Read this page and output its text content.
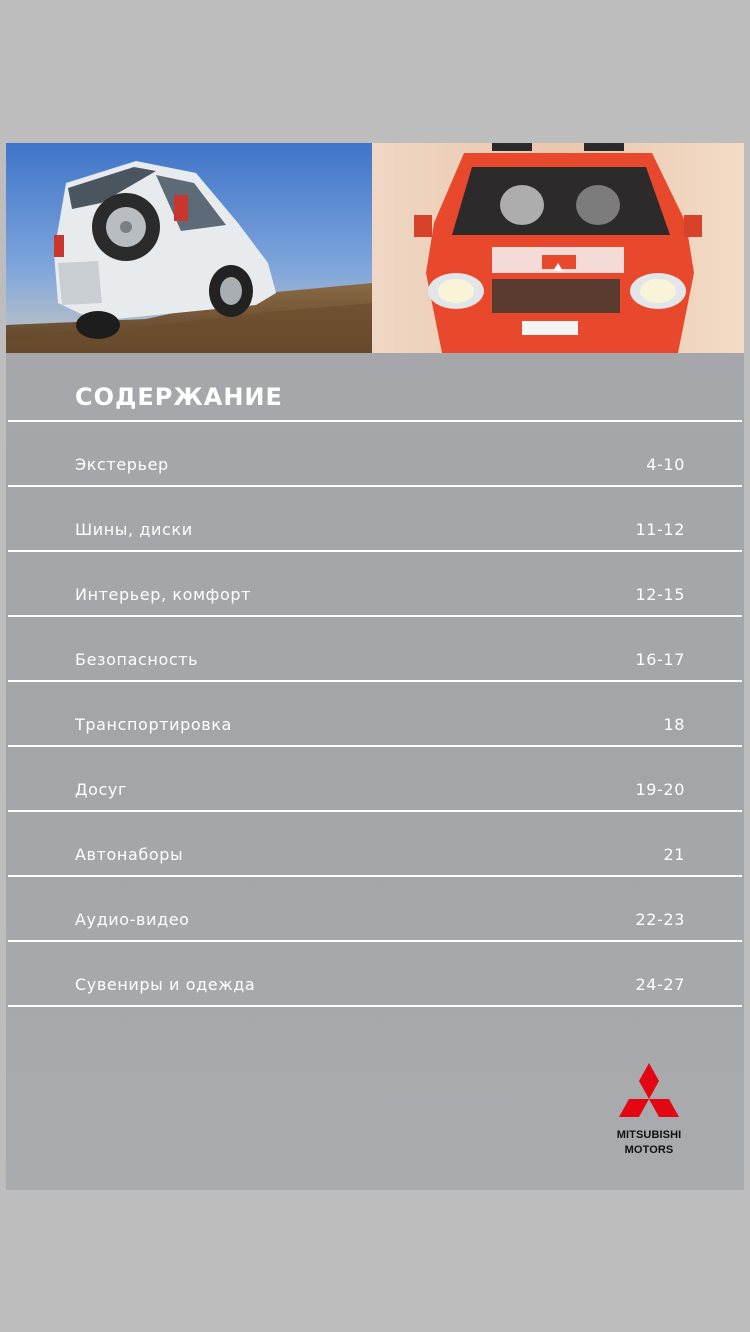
СОДЕРЖАНИЕ
Экстерьер	4-10
Шины, диски	11-12
Интерьер, комфорт	12-15
Безопасность	16-17
Транспортировка	18
Досуг	19-20
Автонаборы	21
Аудио-видео	22-23
Сувениры и одежда	24-27
MITSUBISHI
MOTORS
